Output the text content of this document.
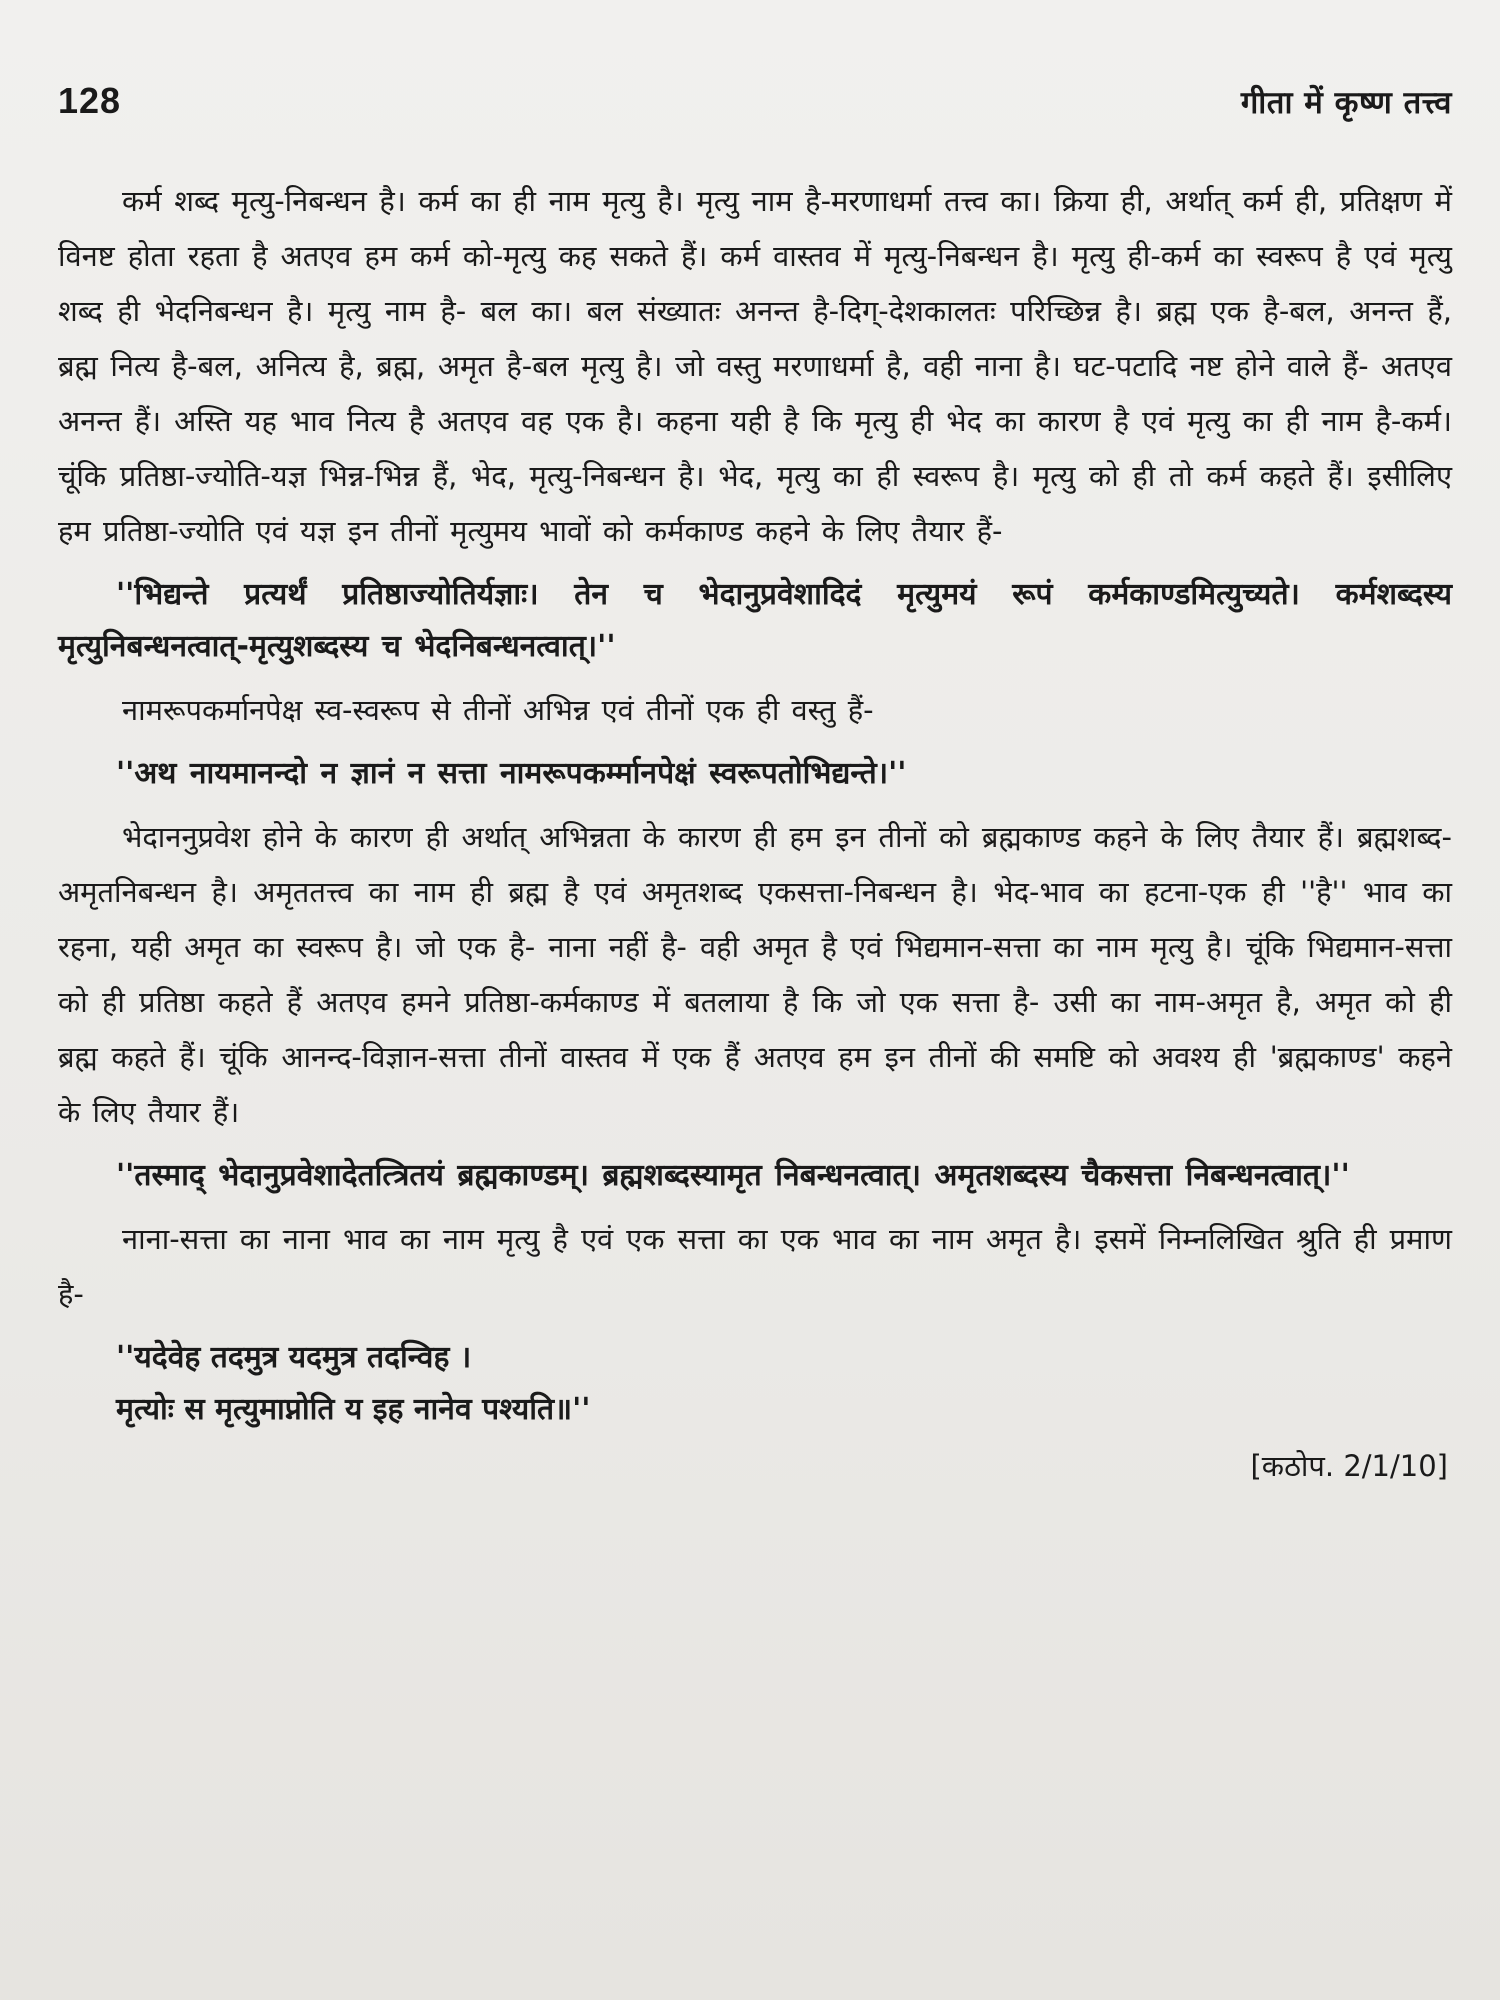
128	गीता में कृष्ण तत्त्व

कर्म शब्द मृत्यु-निबन्धन है। कर्म का ही नाम मृत्यु है। मृत्यु नाम है-मरणाधर्मा तत्त्व का। क्रिया ही, अर्थात् कर्म ही, प्रतिक्षण में विनष्ट होता रहता है अतएव हम कर्म को-मृत्यु कह सकते हैं। कर्म वास्तव में मृत्यु-निबन्धन है। मृत्यु ही-कर्म का स्वरूप है एवं मृत्यु शब्द ही भेदनिबन्धन है। मृत्यु नाम है- बल का। बल संख्यातः अनन्त है-दिग्-देशकालतः परिच्छिन्न है। ब्रह्म एक है-बल, अनन्त हैं, ब्रह्म नित्य है-बल, अनित्य है, ब्रह्म, अमृत है-बल मृत्यु है। जो वस्तु मरणाधर्मा है, वही नाना है। घट-पटादि नष्ट होने वाले हैं- अतएव अनन्त हैं। अस्ति यह भाव नित्य है अतएव वह एक है। कहना यही है कि मृत्यु ही भेद का कारण है एवं मृत्यु का ही नाम है-कर्म। चूंकि प्रतिष्ठा-ज्योति-यज्ञ भिन्न-भिन्न हैं, भेद, मृत्यु-निबन्धन है। भेद, मृत्यु का ही स्वरूप है। मृत्यु को ही तो कर्म कहते हैं। इसीलिए हम प्रतिष्ठा-ज्योति एवं यज्ञ इन तीनों मृत्युमय भावों को कर्मकाण्ड कहने के लिए तैयार हैं-

''भिद्यन्ते प्रत्यर्थं प्रतिष्ठाज्योतिर्यज्ञाः। तेन च भेदानुप्रवेशादिदं मृत्युमयं रूपं कर्मकाण्डमित्युच्यते। कर्मशब्दस्य मृत्युनिबन्धनत्वात्-मृत्युशब्दस्य च भेदनिबन्धनत्वात्।''

नामरूपकर्मानपेक्ष स्व-स्वरूप से तीनों अभिन्न एवं तीनों एक ही वस्तु हैं-

''अथ नायमानन्दो न ज्ञानं न सत्ता नामरूपकर्म्मानपेक्षं स्वरूपतोभिद्यन्ते।''

भेदाननुप्रवेश होने के कारण ही अर्थात् अभिन्नता के कारण ही हम इन तीनों को ब्रह्मकाण्ड कहने के लिए तैयार हैं। ब्रह्मशब्द-अमृतनिबन्धन है। अमृततत्त्व का नाम ही ब्रह्म है एवं अमृतशब्द एकसत्ता-निबन्धन है। भेद-भाव का हटना-एक ही ''है'' भाव का रहना, यही अमृत का स्वरूप है। जो एक है- नाना नहीं है- वही अमृत है एवं भिद्यमान-सत्ता का नाम मृत्यु है। चूंकि भिद्यमान-सत्ता को ही प्रतिष्ठा कहते हैं अतएव हमने प्रतिष्ठा-कर्मकाण्ड में बतलाया है कि जो एक सत्ता है- उसी का नाम-अमृत है, अमृत को ही ब्रह्म कहते हैं। चूंकि आनन्द-विज्ञान-सत्ता तीनों वास्तव में एक हैं अतएव हम इन तीनों की समष्टि को अवश्य ही 'ब्रह्मकाण्ड' कहने के लिए तैयार हैं।

''तस्माद् भेदानुप्रवेशादेतत्त्रितयं ब्रह्मकाण्डम्। ब्रह्मशब्दस्यामृत निबन्धनत्वात्। अमृतशब्दस्य चैकसत्ता निबन्धनत्वात्।''

नाना-सत्ता का नाना भाव का नाम मृत्यु है एवं एक सत्ता का एक भाव का नाम अमृत है। इसमें निम्नलिखित श्रुति ही प्रमाण है-

''यदेवेह तदमुत्र यदमुत्र तदन्विह ।

मृत्योः स मृत्युमाप्नोति य इह नानेव पश्यति॥''

[कठोप. 2/1/10]
